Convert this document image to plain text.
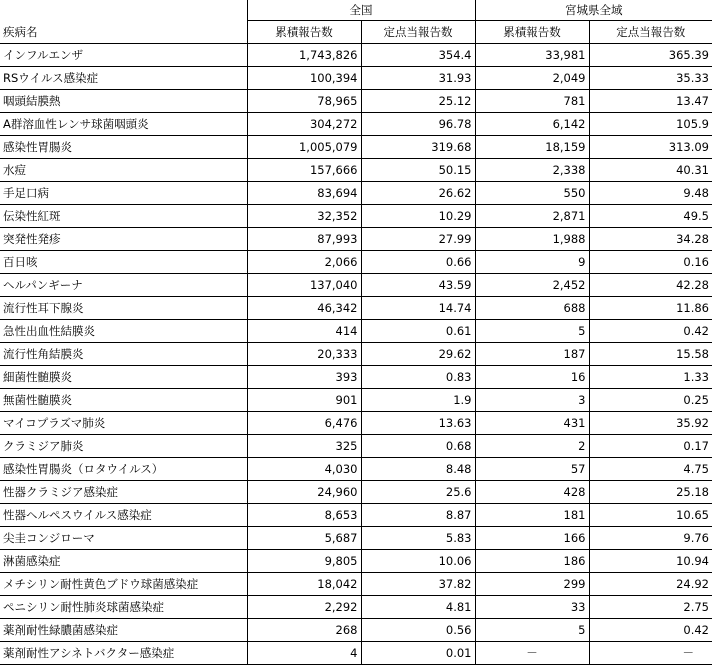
	全国		宮城県全域	
疾病名	累積報告数	定点当報告数	累積報告数	定点当報告数
インフルエンザ	1,743,826	354.4	33,981	365.39
RSウイルス感染症	100,394	31.93	2,049	35.33
咽頭結膜熱	78,965	25.12	781	13.47
A群溶血性レンサ球菌咽頭炎	304,272	96.78	6,142	105.9
感染性胃腸炎	1,005,079	319.68	18,159	313.09
水痘	157,666	50.15	2,338	40.31
手足口病	83,694	26.62	550	9.48
伝染性紅斑	32,352	10.29	2,871	49.5
突発性発疹	87,993	27.99	1,988	34.28
百日咳	2,066	0.66	9	0.16
ヘルパンギーナ	137,040	43.59	2,452	42.28
流行性耳下腺炎	46,342	14.74	688	11.86
急性出血性結膜炎	414	0.61	5	0.42
流行性角結膜炎	20,333	29.62	187	15.58
細菌性髄膜炎	393	0.83	16	1.33
無菌性髄膜炎	901	1.9	3	0.25
マイコプラズマ肺炎	6,476	13.63	431	35.92
クラミジア肺炎	325	0.68	2	0.17
感染性胃腸炎（ロタウイルス）	4,030	8.48	57	4.75
性器クラミジア感染症	24,960	25.6	428	25.18
性器ヘルペスウイルス感染症	8,653	8.87	181	10.65
尖圭コンジローマ	5,687	5.83	166	9.76
淋菌感染症	9,805	10.06	186	10.94
メチシリン耐性黄色ブドウ球菌感染症	18,042	37.82	299	24.92
ペニシリン耐性肺炎球菌感染症	2,292	4.81	33	2.75
薬剤耐性緑膿菌感染症	268	0.56	5	0.42
薬剤耐性アシネトバクター感染症	4	0.01	－	－
